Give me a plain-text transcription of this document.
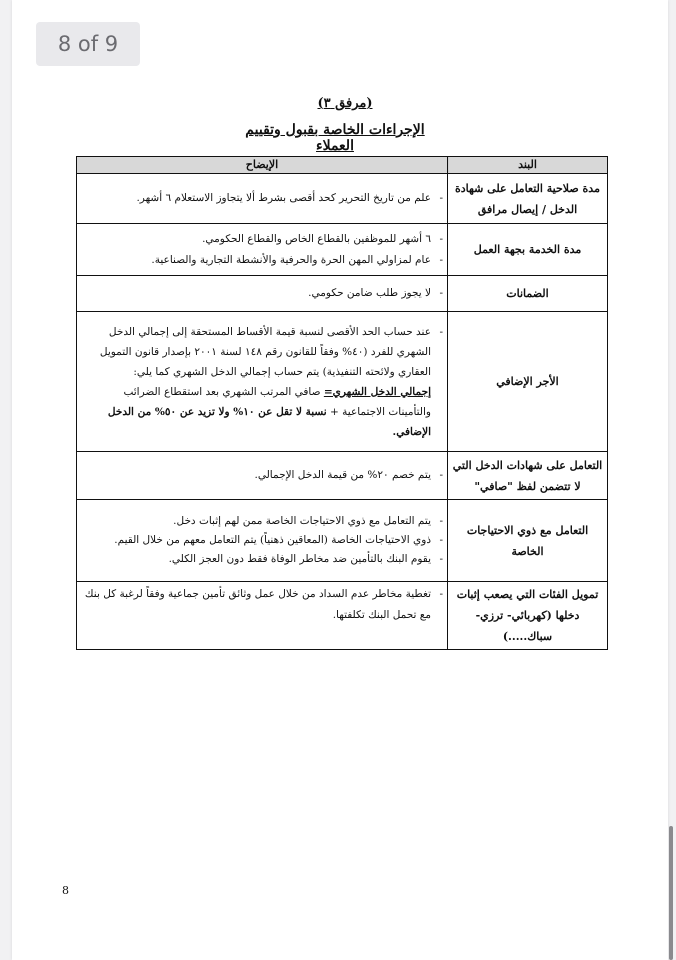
8 of 9
(مرفق ٣)
الإجراءات الخاصة بقبول وتقييم العملاء
البند	الإيضاح
مدة صلاحية التعامل على شهادة الدخل / إيصال مرافق	- علم من تاريخ التحرير كحد أقصى بشرط ألا يتجاوز الاستعلام ٦ أشهر.

مدة الخدمة بجهة العمل	- ٦ أشهر للموظفين بالقطاع الخاص والقطاع الحكومي.
- عام لمزاولي المهن الحرة والحرفية والأنشطة التجارية والصناعية.

الضمانات	- لا يجوز طلب ضامن حكومي.

الأجر الإضافي	- عند حساب الحد الأقصى لنسبة قيمة الأقساط المستحقة إلى إجمالي الدخل الشهري للفرد (٤٠% وفقاً للقانون رقم ١٤٨ لسنة ٢٠٠١ بإصدار قانون التمويل العقاري ولائحته التنفيذية) يتم حساب إجمالي الدخل الشهري كما يلي:
إجمالي الدخل الشهري= صافي المرتب الشهري بعد استقطاع الضرائب والتأمينات الاجتماعية + نسبة لا تقل عن ١٠% ولا تزيد عن ٥٠% من الدخل الإضافي.

التعامل على شهادات الدخل التي لا تتضمن لفظ "صافي"	- يتم خصم ٢٠% من قيمة الدخل الإجمالي.

التعامل مع ذوي الاحتياجات الخاصة	- يتم التعامل مع ذوي الاحتياجات الخاصة ممن لهم إثبات دخل.
- ذوي الاحتياجات الخاصة (المعاقين ذهنياً) يتم التعامل معهم من خلال القيم.
- يقوم البنك بالتأمين ضد مخاطر الوفاة فقط دون العجز الكلي.

تمويل الفئات التي يصعب إثبات دخلها (كهربائي- ترزي- سباك.....)	- تغطية مخاطر عدم السداد من خلال عمل وثائق تأمين جماعية وفقاً لرغبة كل بنك مع تحمل البنك تكلفتها.
8
